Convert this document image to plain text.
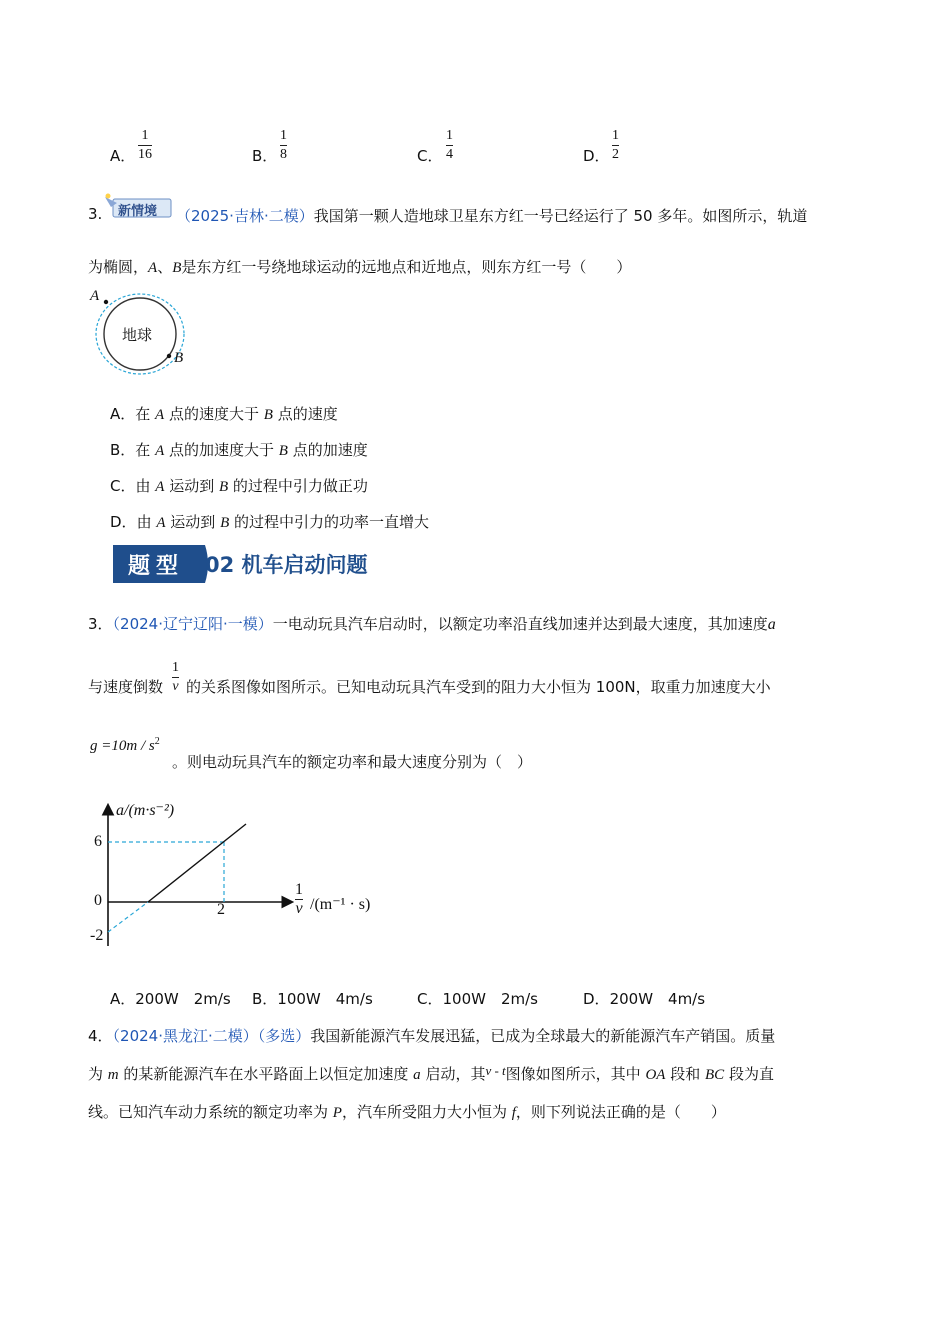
A．
1
16	B．
1
8	C．
1
4	D．
1
2
3. 新情境 （2025·吉林·二模）我国第一颗人造地球卫星东方红一号已经运行了 50 多年。如图所示，轨道
为椭圆，A、B是东方红一号绕地球运动的远地点和近地点，则东方红一号（　　）
地球
A
B
A．在 A 点的速度大于 B 点的速度
B．在 A 点的加速度大于 B 点的加速度
C．由 A 运动到 B 的过程中引力做正功
D．由 A 运动到 B 的过程中引力的功率一直增大
题型	02 机车启动问题
3．（2024·辽宁辽阳·一模）一电动玩具汽车启动时，以额定功率沿直线加速并达到最大速度，其加速度a
与速度倒数
1
v 的关系图像如图所示。已知电动玩具汽车受到的阻力大小恒为 100N，取重力加速度大小
$g =10m / s^2$
。则电动玩具汽车的额定功率和最大速度分别为（　）
a/(m·s⁻²)
6
0
-2
2
1
v /(m⁻¹ · s)
A．200W　2m/s B．100W　4m/s	C．100W　2m/s	D．200W　4m/s
4．（2024·黑龙江·二模）（多选）我国新能源汽车发展迅猛，已成为全球最大的新能源汽车产销国。质量
为 m 的某新能源汽车在水平路面上以恒定加速度 a 启动，其v - t图像如图所示，其中 OA 段和 BC 段为直
线。已知汽车动力系统的额定功率为 P，汽车所受阻力大小恒为 f，则下列说法正确的是（　　）
